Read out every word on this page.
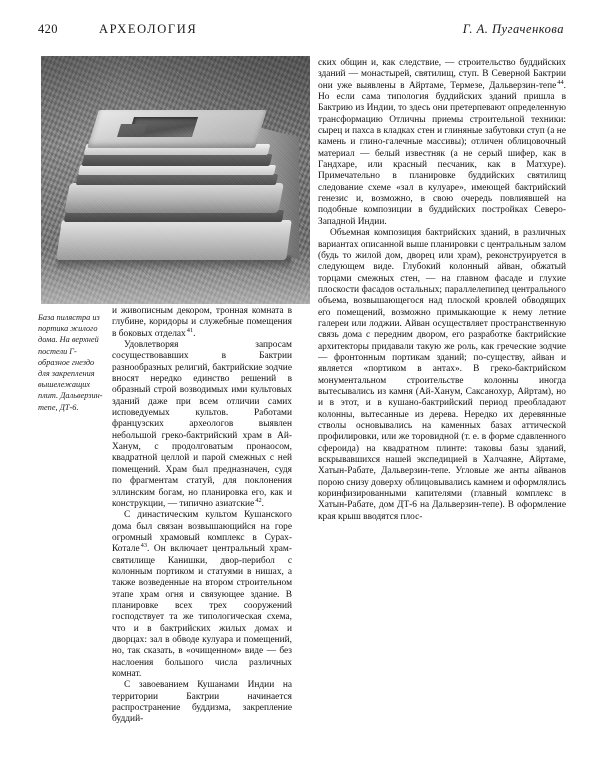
420	АРХЕОЛОГИЯ	Г. А. Пугаченкова
База пилястра из портика жилого дома. На верхней постели Г-образное гнездо для закрепления вышележащих плит. Дальверзин-тепе, ДТ-6.

и живописным декором, тронная комната в глубине, коридоры и служебные помещения в боковых отделах$^{41}$.

Удовлетворяя запросам сосуществовавших в Бактрии разнообразных религий, бактрийские зодчие вносят нередко единство решений в образный строй возводимых ими культовых зданий даже при всем отличии самих исповедуемых культов. Работами французских археологов выявлен небольшой греко-бактрийский храм в Ай-Ханум, с продолговатым пронаосом, квадратной целлой и парой смежных с ней помещений. Храм был предназначен, судя по фрагментам статуй, для поклонения эллинским богам, но планировка его, как и конструкции, — типично азиатские$^{42}$.

С династическим культом Кушанского дома был связан возвышающийся на горе огромный храмовый комплекс в Сурах-Котале$^{43}$. Он включает центральный храм-святилище Канишки, двор-перибол с колонным портиком и статуями в нишах, а также возведенные на втором строительном этапе храм огня и связующее здание. В планировке всех трех сооружений господствует та же типологическая схема, что и в бактрийских жилых домах и дворцах: зал в обводе кулуара и помещений, но, так сказать, в «очищенном» виде — без наслоения большого числа различных комнат.

С завоеванием Кушанами Индии на территории Бактрии начинается распространение буддизма, закрепление буддий-

ских общин и, как следствие, — строительство буддийских зданий — монастырей, святилищ, ступ. В Северной Бактрии они уже выявлены в Айртаме, Термезе, Дальверзин-тепе$^{44}$. Но если сама типология буддийских зданий пришла в Бактрию из Индии, то здесь они претерпевают определенную трансформацию Отличны приемы строительной техники: сырец и пахса в кладках стен и глиняные забутовки ступ (а не камень и глино-галечные массивы); отличен облицовочный материал — белый известняк (а не серый шифер, как в Гандхаре, или красный песчаник, как в Матхуре). Примечательно в планировке буддийских святилищ следование схеме «зал в кулуаре», имеющей бактрийский генезис и, возможно, в свою очередь повлиявшей на подобные композиции в буддийских постройках Северо-Западной Индии.

Объемная композиция бактрийских зданий, в различных вариантах описанной выше планировки с центральным залом (будь то жилой дом, дворец или храм), реконструируется в следующем виде. Глубокий колонный айван, обжатый торцами смежных стен, — на главном фасаде и глухие плоскости фасадов остальных; параллелепипед центрального объема, возвышающегося над плоской кровлей обводящих его помещений, возможно примыкающие к нему летние галереи или лоджии. Айван осуществляет пространственную связь дома с передним двором, его разработке бактрийские архитекторы придавали такую же роль, как греческие зодчие — фронтонным портикам зданий; по-существу, айван и является «портиком в антах». В греко-бактрийском монументальном строительстве колонны иногда вытесывались из камня (Ай-Ханум, Саксанохур, Айртам), но и в этот, и в кушано-бактрийский период преобладают колонны, вытесанные из дерева. Нередко их деревянные стволы основывались на каменных базах аттической профилировки, или же торовидной (т. е. в форме сдавленного сфероида) на квадратном плинте: таковы базы зданий, вскрывавшихся нашей экспедицией в Халчаяне, Айртаме, Хатын-Рабате, Дальверзин-тепе. Угловые же анты айванов порою снизу доверху облицовывались камнем и оформлялись коринфизированными капителями (главный комплекс в Хатын-Рабате, дом ДТ-6 на Дальверзин-тепе). В оформление края крыш вводятся плос-
